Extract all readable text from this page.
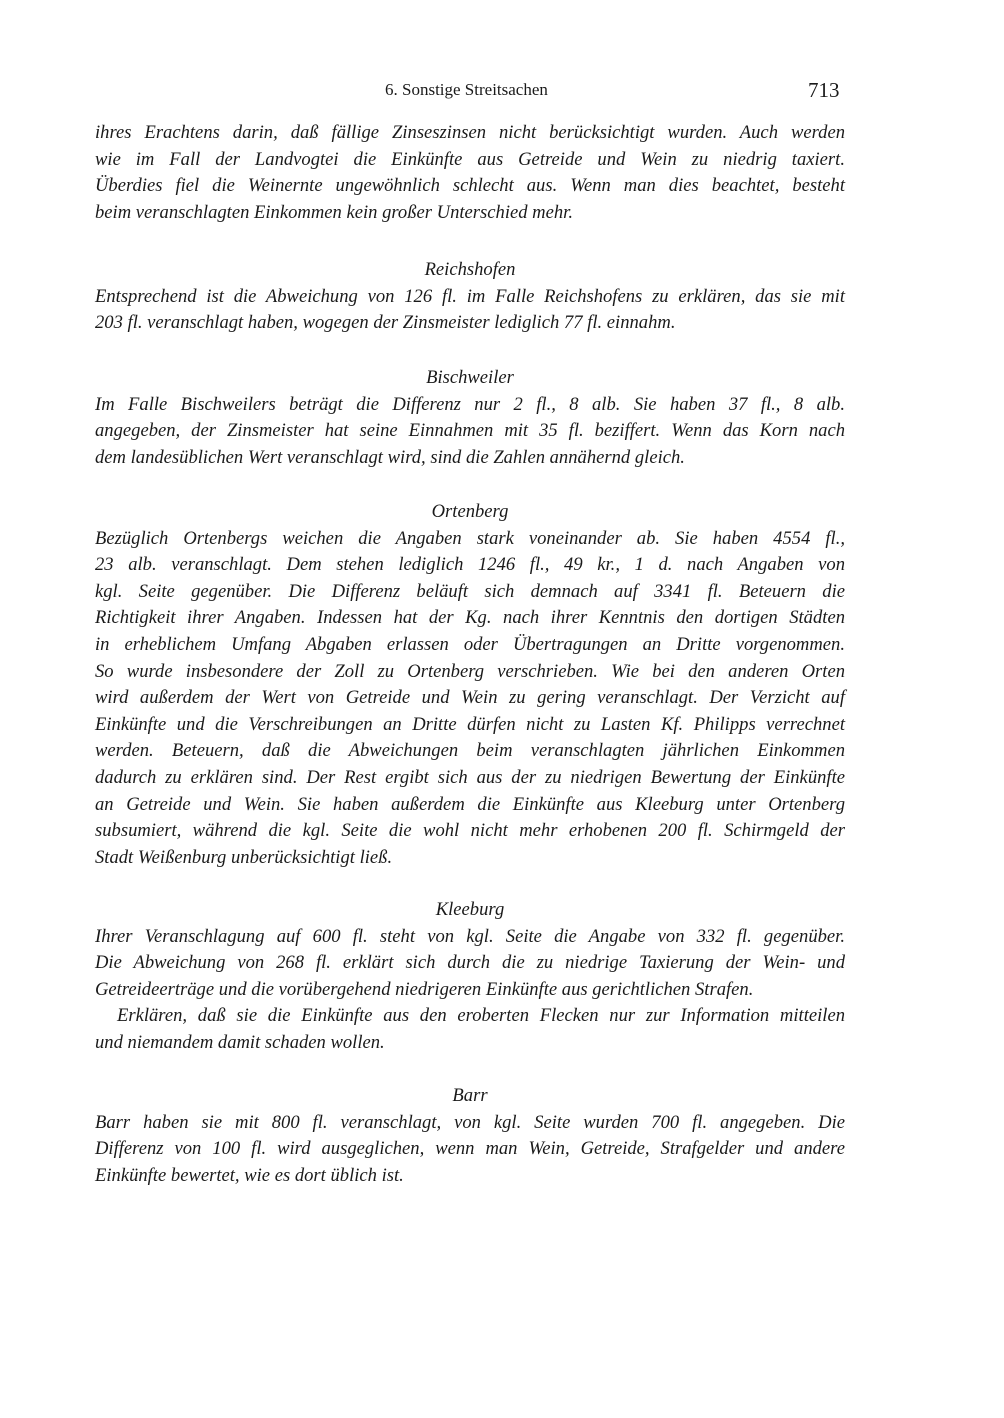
6. Sonstige Streitsachen	713
ihres Erachtens darin, daß fällige Zinseszinsen nicht berücksichtigt wurden. Auch werden
wie im Fall der Landvogtei die Einkünfte aus Getreide und Wein zu niedrig taxiert.
Überdies fiel die Weinernte ungewöhnlich schlecht aus. Wenn man dies beachtet, besteht
beim veranschlagten Einkommen kein großer Unterschied mehr.
Reichshofen
Entsprechend ist die Abweichung von 126 fl. im Falle Reichshofens zu erklären, das sie mit
203 fl. veranschlagt haben, wogegen der Zinsmeister lediglich 77 fl. einnahm.
Bischweiler
Im Falle Bischweilers beträgt die Differenz nur 2 fl., 8 alb. Sie haben 37 fl., 8 alb.
angegeben, der Zinsmeister hat seine Einnahmen mit 35 fl. beziffert. Wenn das Korn nach
dem landesüblichen Wert veranschlagt wird, sind die Zahlen annähernd gleich.
Ortenberg
Bezüglich Ortenbergs weichen die Angaben stark voneinander ab. Sie haben 4554 fl.,
23 alb. veranschlagt. Dem stehen lediglich 1246 fl., 49 kr., 1 d. nach Angaben von
kgl. Seite gegenüber. Die Differenz beläuft sich demnach auf 3341 fl. Beteuern die
Richtigkeit ihrer Angaben. Indessen hat der Kg. nach ihrer Kenntnis den dortigen Städten
in erheblichem Umfang Abgaben erlassen oder Übertragungen an Dritte vorgenommen.
So wurde insbesondere der Zoll zu Ortenberg verschrieben. Wie bei den anderen Orten
wird außerdem der Wert von Getreide und Wein zu gering veranschlagt. Der Verzicht auf
Einkünfte und die Verschreibungen an Dritte dürfen nicht zu Lasten Kf. Philipps verrechnet
werden. Beteuern, daß die Abweichungen beim veranschlagten jährlichen Einkommen
dadurch zu erklären sind. Der Rest ergibt sich aus der zu niedrigen Bewertung der Einkünfte
an Getreide und Wein. Sie haben außerdem die Einkünfte aus Kleeburg unter Ortenberg
subsumiert, während die kgl. Seite die wohl nicht mehr erhobenen 200 fl. Schirmgeld der
Stadt Weißenburg unberücksichtigt ließ.
Kleeburg
Ihrer Veranschlagung auf 600 fl. steht von kgl. Seite die Angabe von 332 fl. gegenüber.
Die Abweichung von 268 fl. erklärt sich durch die zu niedrige Taxierung der Wein- und
Getreideerträge und die vorübergehend niedrigeren Einkünfte aus gerichtlichen Strafen.
Erklären, daß sie die Einkünfte aus den eroberten Flecken nur zur Information mitteilen
und niemandem damit schaden wollen.
Barr
Barr haben sie mit 800 fl. veranschlagt, von kgl. Seite wurden 700 fl. angegeben. Die
Differenz von 100 fl. wird ausgeglichen, wenn man Wein, Getreide, Strafgelder und andere
Einkünfte bewertet, wie es dort üblich ist.
